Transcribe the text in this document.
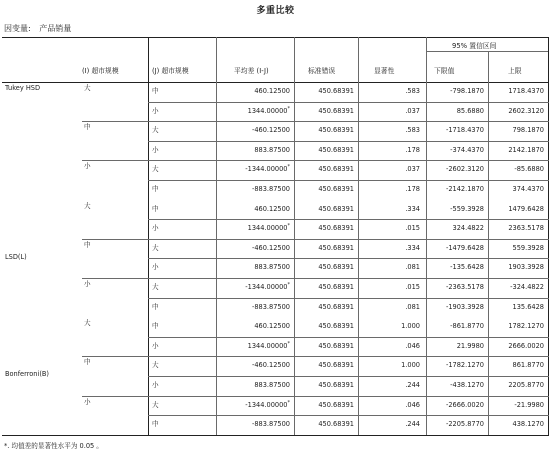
多重比较
因变量: 产品销量
(I) 超市规模	(J) 超市规模	平均差 (I-J)	标准错误	显著性
95% 置信区间
下限值	上限
Tukey HSD	大	中	460.12500	450.68391	.583	-798.1870	1718.4370
小	1344.00000*	450.68391	.037	85.6880	2602.3120
中	大	-460.12500	450.68391	.583	-1718.4370	798.1870
小	883.87500	450.68391	.178	-374.4370	2142.1870
小	大	-1344.00000*	450.68391	.037	-2602.3120	-85.6880
中	-883.87500	450.68391	.178	-2142.1870	374.4370
LSD(L)
大	中	460.12500	450.68391	.334	-559.3928	1479.6428
小	1344.00000*	450.68391	.015	324.4822	2363.5178
中	大	-460.12500	450.68391	.334	-1479.6428	559.3928
小	883.87500	450.68391	.081	-135.6428	1903.3928
小	大	-1344.00000*	450.68391	.015	-2363.5178	-324.4822
中	-883.87500	450.68391	.081	-1903.3928	135.6428
Bonferroni(B)
大	中	460.12500	450.68391	1.000	-861.8770	1782.1270
小	1344.00000*	450.68391	.046	21.9980	2666.0020
中	大	-460.12500	450.68391	1.000	-1782.1270	861.8770
小	883.87500	450.68391	.244	-438.1270	2205.8770
小	大	-1344.00000*	450.68391	.046	-2666.0020	-21.9980
中	-883.87500	450.68391	.244	-2205.8770	438.1270
*. 均值差的显著性水平为 0.05 。
